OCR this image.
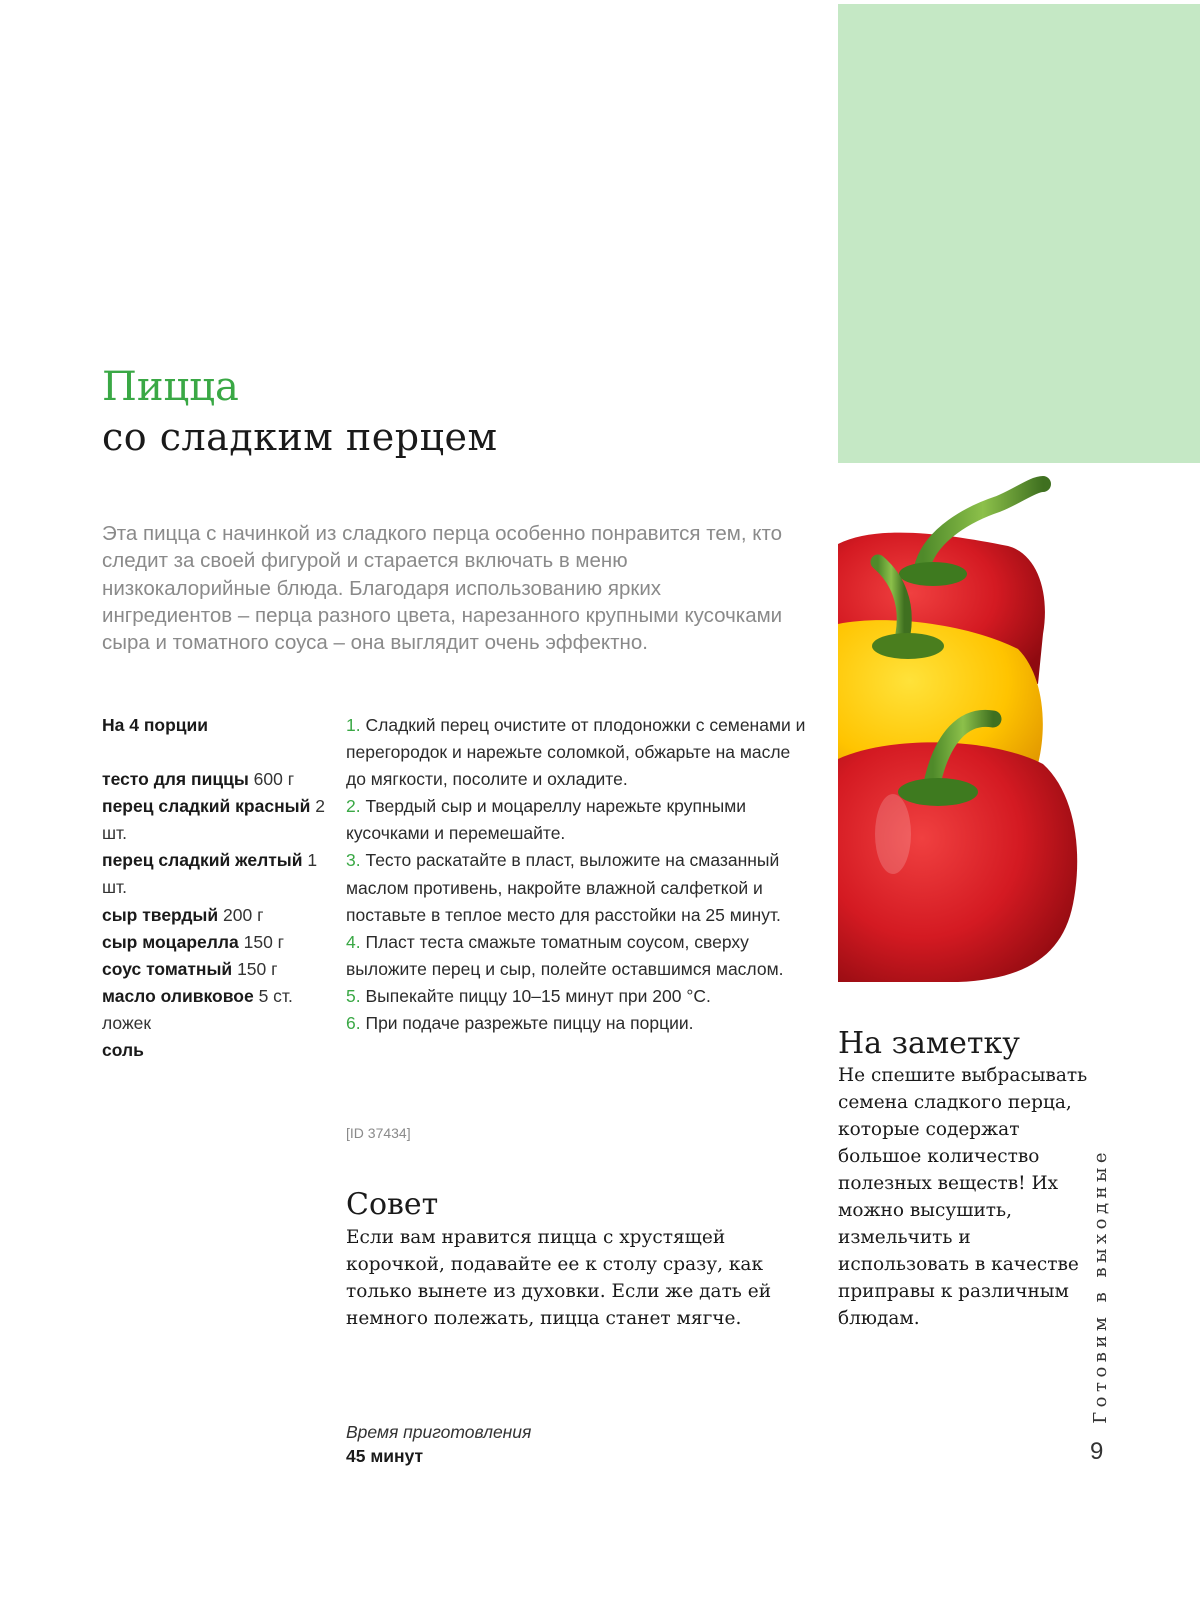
Пицца
со сладким перцем

Эта пицца с начинкой из сладкого перца особенно понравится тем, кто следит за своей фигурой и старается включать в меню низкокалорийные блюда. Благодаря использованию ярких ингредиентов – перца разного цвета, нарезанного крупными кусочками сыра и томатного соуса – она выглядит очень эффектно.

На 4 порции
тесто для пиццы 600 г
перец сладкий красный 2 шт.
перец сладкий желтый 1 шт.
сыр твердый 200 г
сыр моцарелла 150 г
соус томатный 150 г
масло оливковое 5 ст. ложек
соль
1. Сладкий перец очистите от плодоножки с семенами и перегородок и нарежьте соломкой, обжарьте на масле до мягкости, посолите и охладите.
2. Твердый сыр и моцареллу нарежьте крупными кусочками и перемешайте.
3. Тесто раскатайте в пласт, выложите на смазанный маслом противень, накройте влажной салфеткой и поставьте в теплое место для расстойки на 25 минут.
4. Пласт теста смажьте томатным соусом, сверху выложите перец и сыр, полейте оставшимся маслом.
5. Выпекайте пиццу 10–15 минут при 200 °С.
6. При подаче разрежьте пиццу на порции.
[ID 37434]
Совет

Если вам нравится пицца с хрустящей корочкой, подавайте ее к столу сразу, как только вынете из духовки. Если же дать ей немного полежать, пицца станет мягче.

Время приготовления
45 минут
На заметку

Не спешите выбрасывать семена сладкого перца, которые содержат большое количество полезных веществ! Их можно высушить, измельчить и использовать в качестве приправы к различным блюдам.	Готовим в выходные
9
